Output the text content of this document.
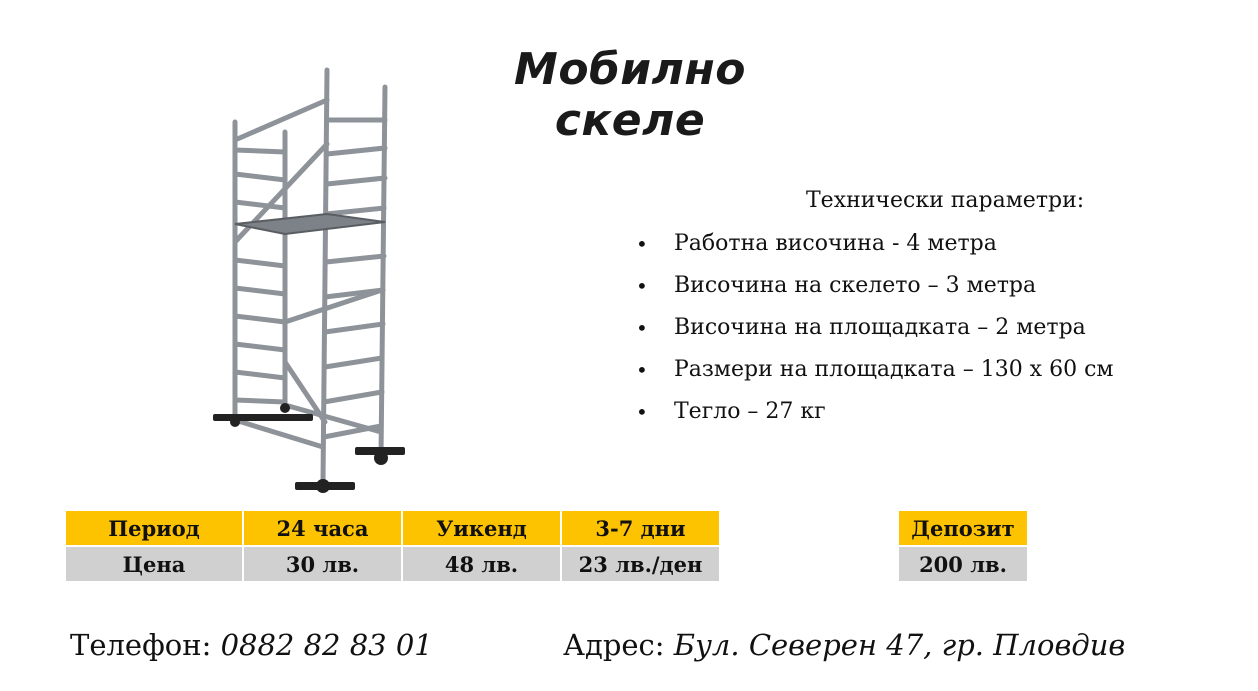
Мобилно скеле
Технически параметри:
• Работна височина - 4 метра
• Височина на скелето – 3 метра
• Височина на площадката – 2 метра
• Размери на площадката – 130 х 60 см
• Тегло – 27 кг
Период	24 часа	Уикенд	3-7 дни
Цена	30 лв.	48 лв.	23 лв./ден
Депозит
200 лв.
Телефон: 0882 82 83 01	Адрес: Бул. Северен 47, гр. Пловдив
